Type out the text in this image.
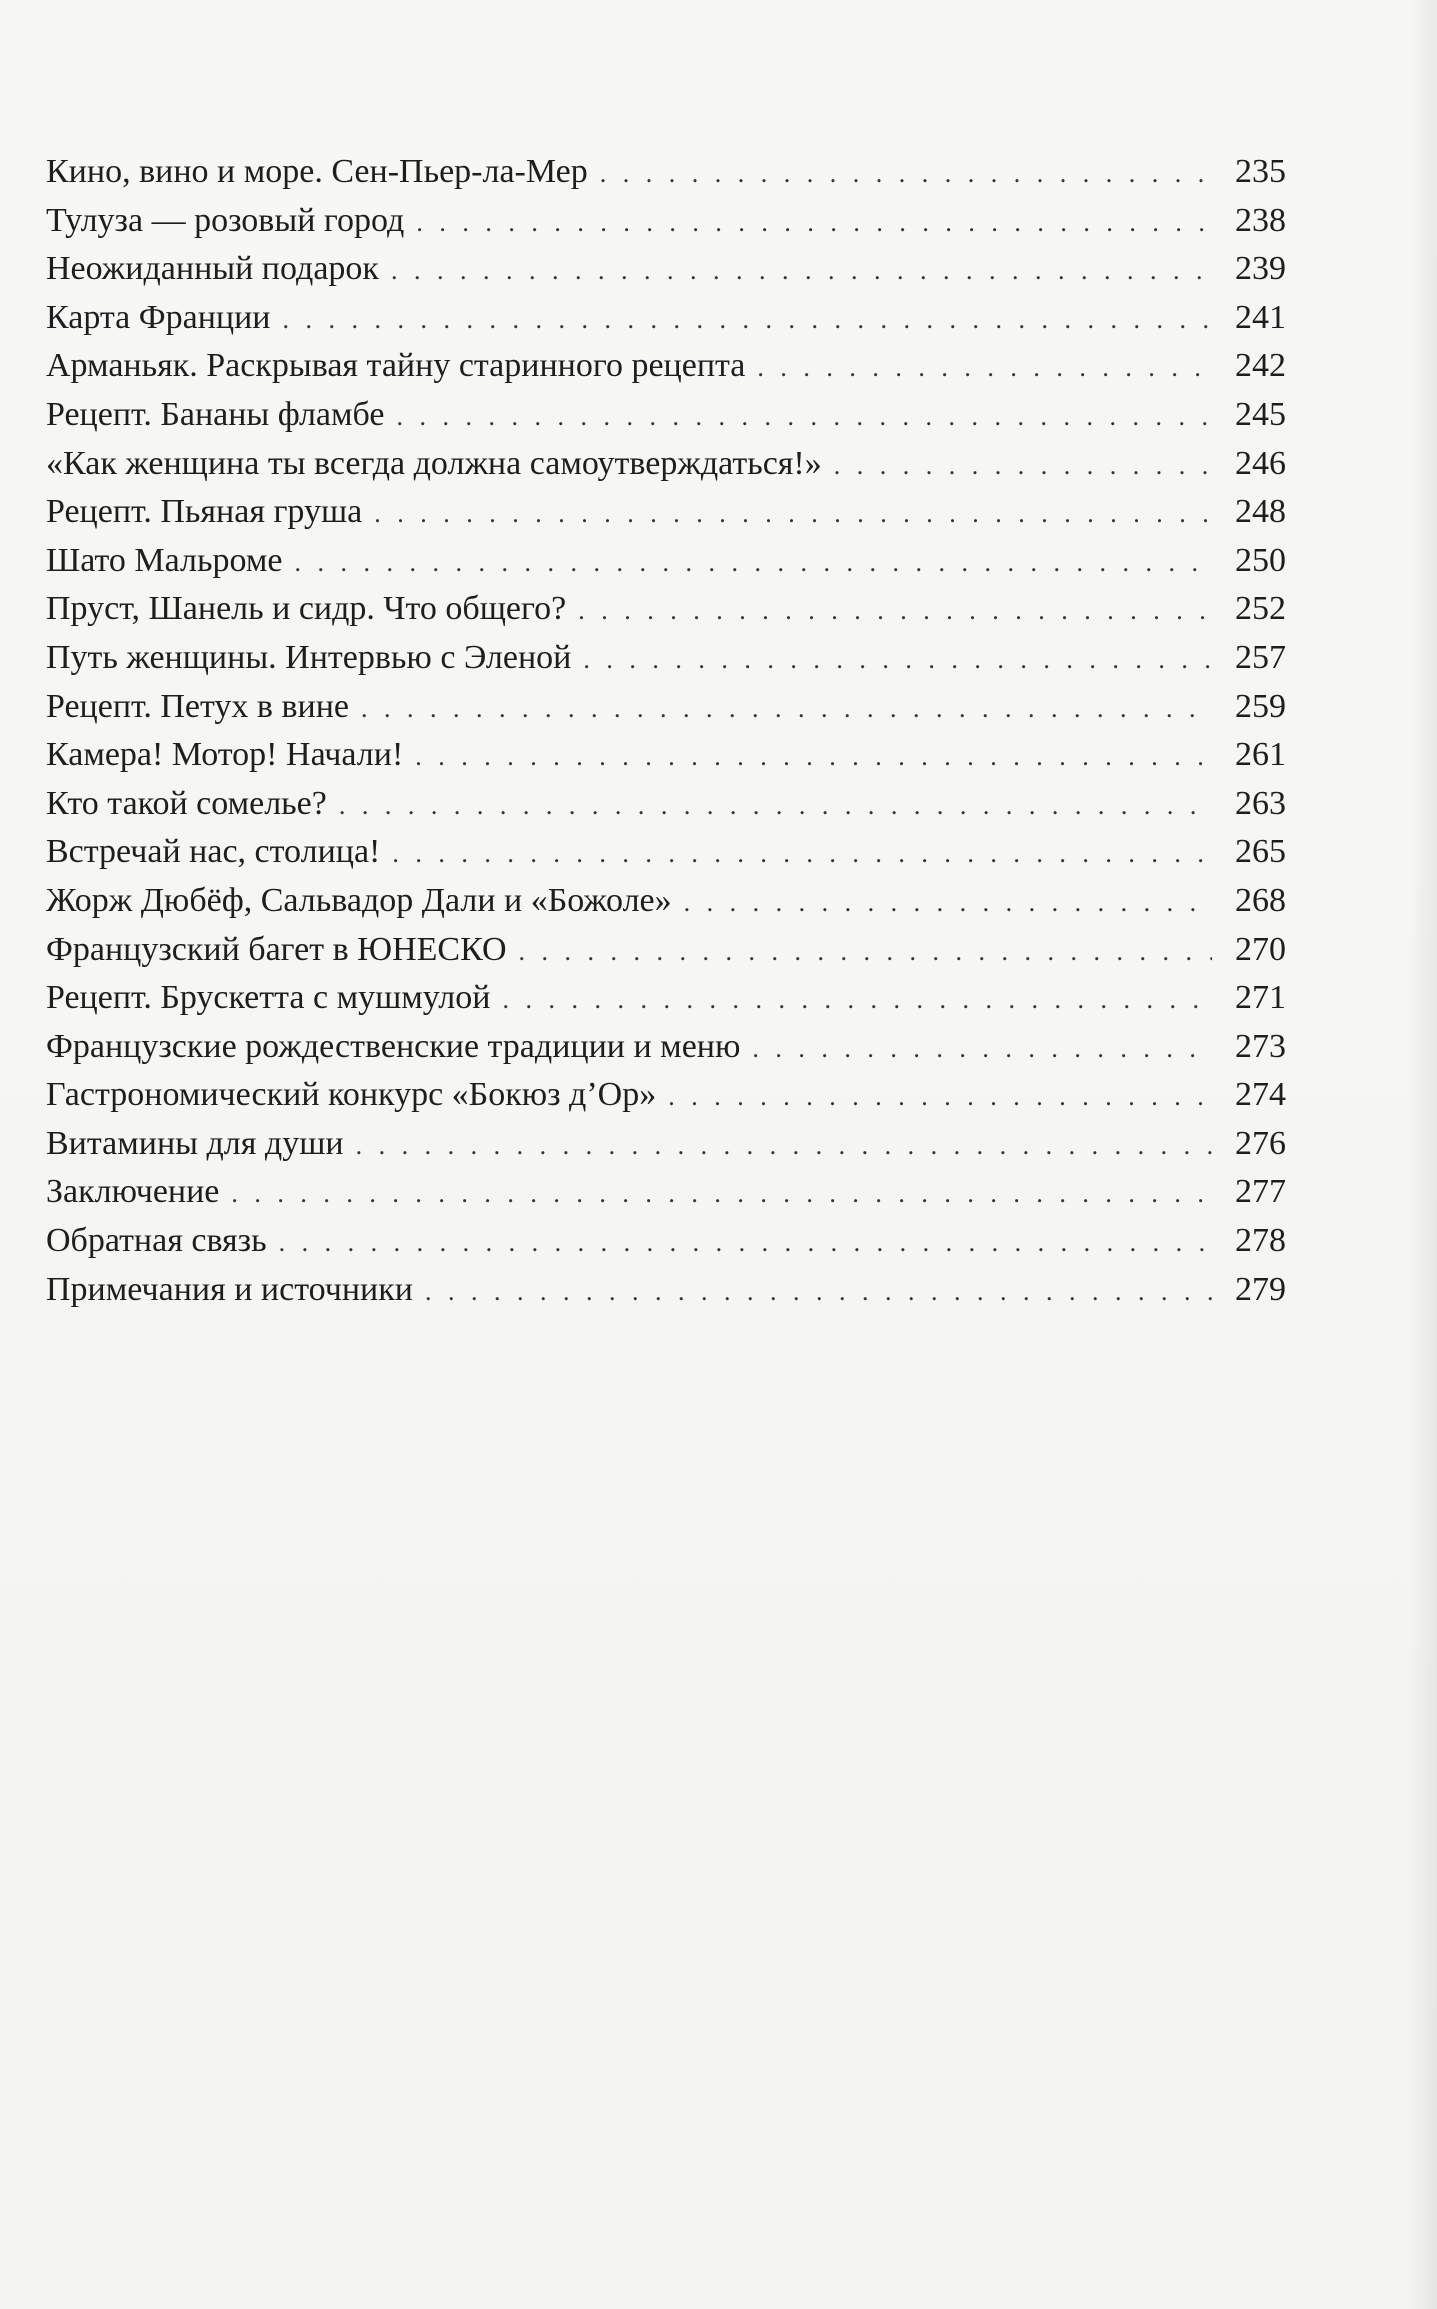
Кино, вино и море. Сен-Пьер-ла-Мер . . .	235
Тулуза — розовый город . . .	238
Неожиданный подарок . . .	239
Карта Франции . . .	241
Арманьяк. Раскрывая тайну старинного рецепта . . .	242
Рецепт. Бананы фламбе . . .	245
«Как женщина ты всегда должна самоутверждаться!» . . .	246
Рецепт. Пьяная груша . . .	248
Шато Мальроме . . .	250
Пруст, Шанель и сидр. Что общего? . . .	252
Путь женщины. Интервью с Эленой . . .	257
Рецепт. Петух в вине . . .	259
Камера! Мотор! Начали! . . .	261
Кто такой сомелье? . . .	263
Встречай нас, столица! . . .	265
Жорж Дюбёф, Сальвадор Дали и «Божоле» . . .	268
Французский багет в ЮНЕСКО . . .	270
Рецепт. Брускетта с мушмулой . . .	271
Французские рождественские традиции и меню . . .	273
Гастрономический конкурс «Бокюз д’Ор» . . .	274
Витамины для души . . .	276
Заключение . . .	277
Обратная связь . . .	278
Примечания и источники . . .	279
